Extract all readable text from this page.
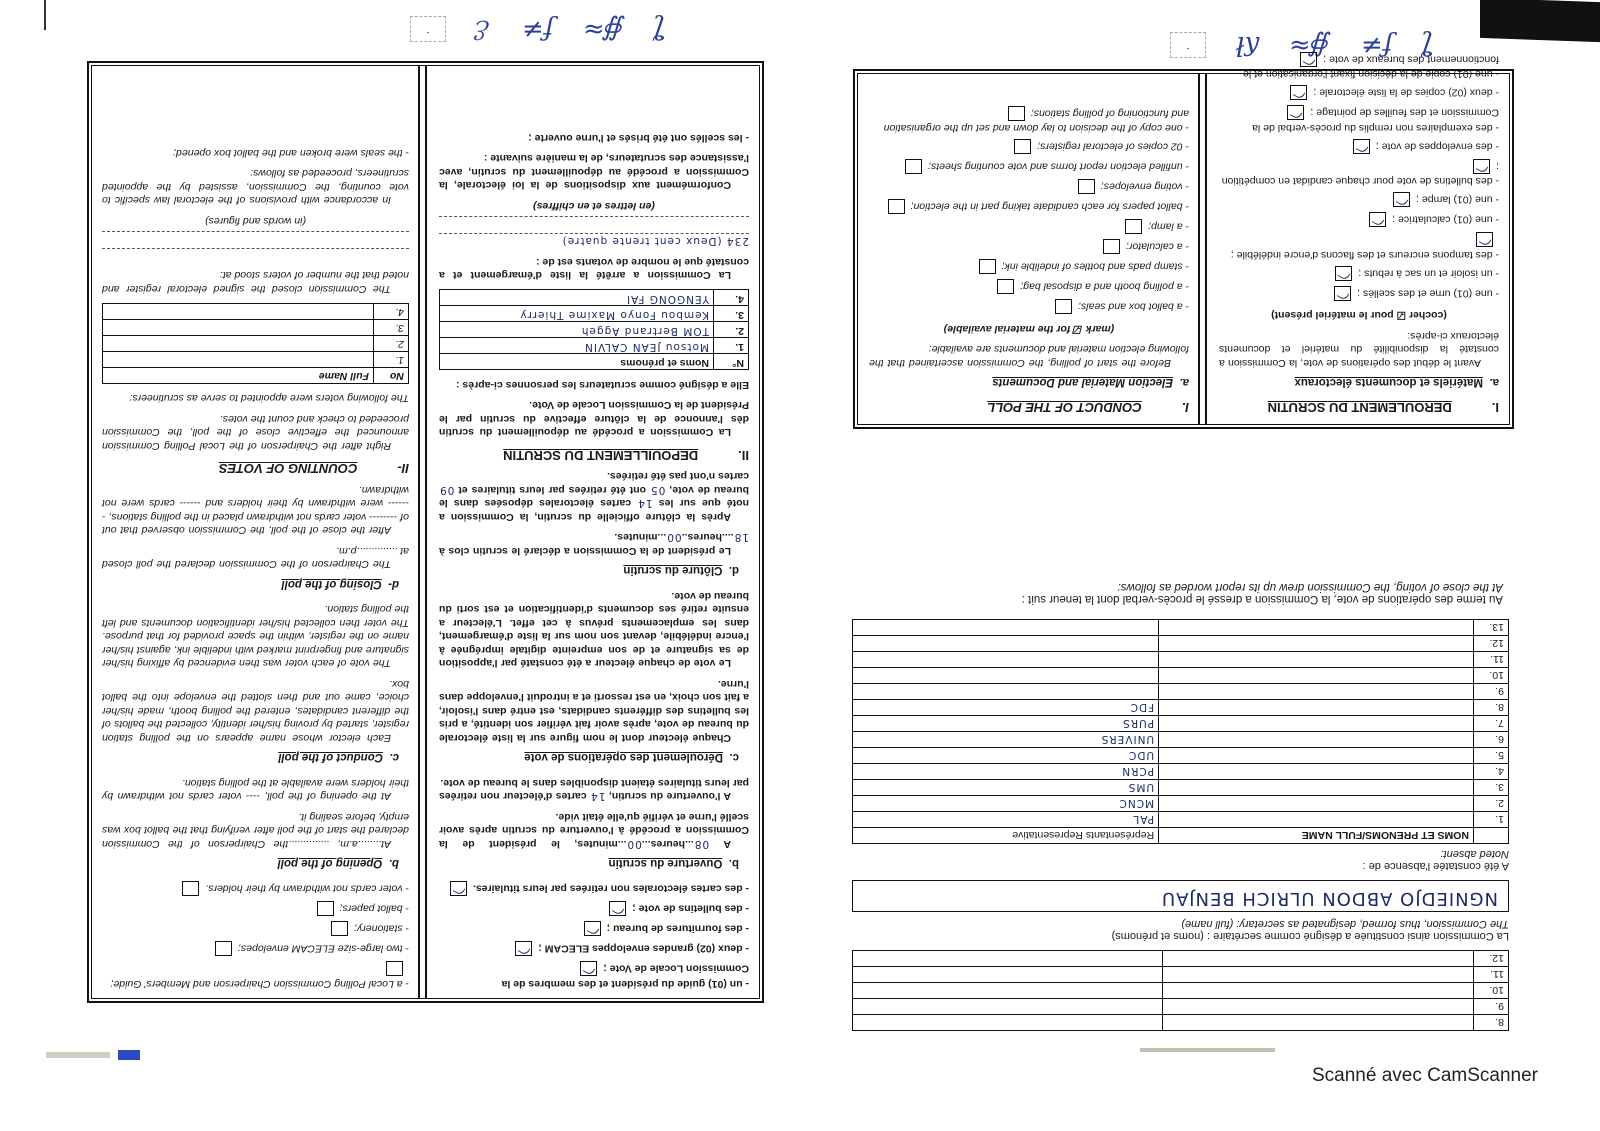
.	ℰ ƒ≠ ∯≈ ƪ
.	ʎł ∯≈ ƒ≠ ƪ
- un (01) guide du président et des membres de la Commission Locale de Vote ;
- deux (02) grandes enveloppes ELECAM ;
- des fournitures de bureau ;
- des bulletins de vote ;
- des cartes électorales non retirées par leurs titulaires.
b.  Ouverture du scrutin

A 08...heures...00...minutes, le président de la Commission a procédé à l'ouverture du scrutin après avoir scellé l'urne et vérifié qu'elle était vide.

A l'ouverture du scrutin, 14 cartes d'électeur non retirées par leurs titulaires étaient disponibles dans le bureau de vote.

c.  Déroulement des opérations de vote

Chaque électeur dont le nom figure sur la liste électorale du bureau de vote, après avoir fait vérifier son identité, a pris les bulletins des différents candidats, est entré dans l'isoloir, a fait son choix, en est ressorti et a introduit l'enveloppe dans l'urne.

Le vote de chaque électeur a été constaté par l'apposition de sa signature et de son empreinte digitale imprégnée à l'encre indélébile, devant son nom sur la liste d'émargement, dans les emplacements prévus à cet effet. L'électeur a ensuite retiré ses documents d'identification et est sorti du bureau de vote.

d.  Clôture du scrutin

Le président de la Commission a déclaré le scrutin clos à 18....heures..00...minutes.

Après la clôture officielle du scrutin, la Commission a noté que sur les 14 cartes électorales déposées dans le bureau de vote, 05 ont été retirées par leurs titulaires et 09 cartes n'ont pas été retirées.

II.
DEPOUILLEMENT DU SCRUTIN

La Commission a procédé au dépouillement du scrutin dès l'annonce de la clôture effective du scrutin par le Président de la Commission Locale de Vote.

Elle a désigné comme scrutateurs les personnes ci-après :

N°	Noms et prénoms
1.	Motsou JEAN CALVIN
2.	TOM Bertrand Aggeh
3.	Kembou Fonyo Maxime Thierry
4.	YENGONG FAI

La Commission a arrêté la liste d'émargement et a constaté que le nombre de votants est de :

234 (Deux cent trente quatre)

(en lettres et en chiffres)

Conformément aux dispositions de la loi électorale, la Commission a procédé au dépouillement du scrutin, avec l'assistance des scrutateurs, de la manière suivante :

- les scellés ont été brisés et l'urne ouverte ;

- a Local Polling Commission Chairperson and Members' Guide;
- two large-size ELECAM envelopes;
- stationery;
- ballot papers;
- voter cards not withdrawn by their holders.
b.  Opening of the poll

At........a.m, ..............the Chairperson of the Commission declared the start of the poll after verifying that the ballot box was empty, before sealing it.

At the opening of the poll, ---- voter cards not withdrawn by their holders were available at the polling station.

c.  Conduct of the poll

Each elector whose name appears on the polling station register, started by proving his/her identity, collected the ballots of the different candidates, entered the polling booth, made his/her choice, came out and then slotted the envelope into the ballot box.

The vote of each voter was then evidenced by affixing his/her signature and fingerprint marked with indelible ink, against his/her name on the register, within the space provided for that purpose. The voter then collected his/her identification documents and left the polling station.

d-  Closing of the poll

The Chairperson of the Commission declared the poll closed at ..............p.m.

After the close of the poll, the Commission observed that out of -------- voter cards not withdrawn placed in the polling stations, ------- were withdrawn by their holders and ------ cards were not withdrawn.

II-
COUNTING OF VOTES

Right after the Chairperson of the Local Polling Commission announced the effective close of the poll, the Commission proceeded to check and count the votes.

The following voters were appointed to serve as scrutineers:

No	Full Name
1.	
2.	
3.	
4.	

The Commission closed the signed electoral register and noted that the number of voters stood at:

(in words and figures)

In accordance with provisions of the electoral law specific to vote counting, the Commission, assisted by the appointed scrutineers, proceeded as follows:

- the seals were broken and the ballot box opened;

8.		
9.		
10.		
11.		
12.		

La Commission ainsi constituée a désigné comme secrétaire : (noms et prénoms)

The Commission, thus formed, designated as secretary: (full name)

NGNIEDJO ABDON ULRICH BENJAU

A été constatée l'absence de :

Noted absent:

	NOMS ET PRENOMS/FULL NAME	Représentants Representative
1.		PAL
2.		MCNC
3.		UMS
4.		PCRN
5.		UDC
6.		UNIVERS
7.		PURS
8.		FDC
9.		
10.		
11.		
12.		
13.		

Au terme des opérations de vote, la Commission a dressé le procès-verbal dont la teneur suit :

At the close of voting, the Commission drew up its report worded as follows:

I.
DEROULEMENT DU SCRUTIN
a.  Matériels et documents électoraux

Avant le début des opérations de vote, la Commission a constaté la disponibilité du matériel et documents électoraux ci-après:

(cocher ☑ pour le matériel présent)

- une (01) urne et des scellés ;
- un isoloir et un sac à rebuts ;
- des tampons encreurs et des flacons d'encre indélébile ;
- une (01) calculatrice ;
- une (01) lampe ;
- des bulletins de vote pour chaque candidat en compétition ;
- des enveloppes de vote ;
- des exemplaires non remplis du procès-verbal de la Commission et des feuilles de pointage ;
- deux (02) copies de la liste électorale ;
- une (01) copie de la décision fixant l'organisation et le fonctionnement des bureaux de vote ;
I.
CONDUCT OF THE POLL
a.  Election Material and Documents

Before the start of polling, the Commission ascertained that the following election material and documents are available:

(mark ☑ for the material available)

- a ballot box and seals;
- a polling booth and a disposal bag;
- stamp pads and bottles of indelible ink;
- a calculator;
- a lamp;
- ballot papers for each candidate taking part in the election;
- voting envelopes;
- unfilled election report forms and vote counting sheets;
- 02 copies of electoral registers;
- one copy of the decision to lay down and set up the organisation and functioning of polling stations;
Scanné avec CamScanner
